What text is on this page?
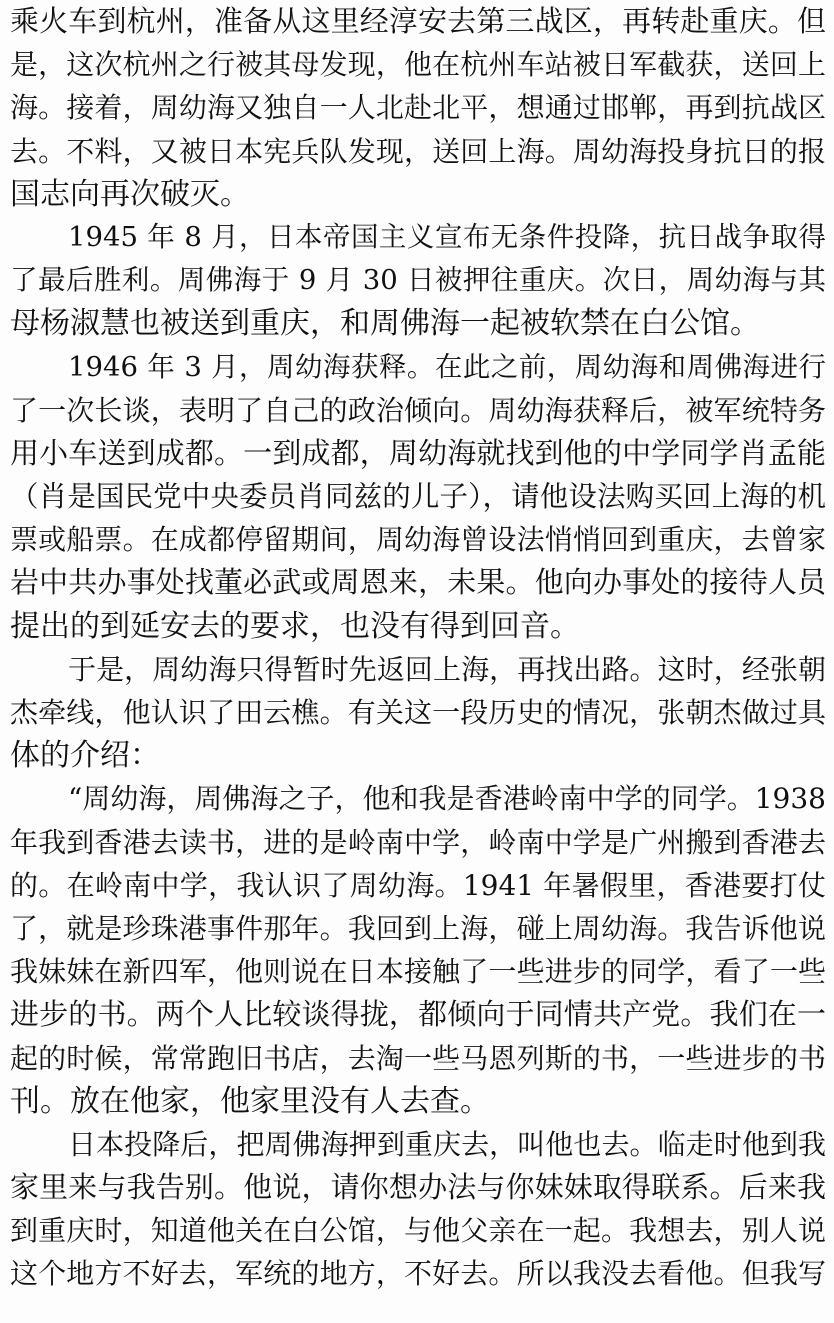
乘火车到杭州，准备从这里经淳安去第三战区，再转赴重庆。但
是，这次杭州之行被其母发现，他在杭州车站被日军截获，送回上
海。接着，周幼海又独自一人北赴北平，想通过邯郸，再到抗战区
去。不料，又被日本宪兵队发现，送回上海。周幼海投身抗日的报
国志向再次破灭。
1945 年 8 月，日本帝国主义宣布无条件投降，抗日战争取得
了最后胜利。周佛海于 9 月 30 日被押往重庆。次日，周幼海与其
母杨淑慧也被送到重庆，和周佛海一起被软禁在白公馆。
1946 年 3 月，周幼海获释。在此之前，周幼海和周佛海进行
了一次长谈，表明了自己的政治倾向。周幼海获释后，被军统特务
用小车送到成都。一到成都，周幼海就找到他的中学同学肖孟能
（肖是国民党中央委员肖同兹的儿子），请他设法购买回上海的机
票或船票。在成都停留期间，周幼海曾设法悄悄回到重庆，去曾家
岩中共办事处找董必武或周恩来，未果。他向办事处的接待人员
提出的到延安去的要求，也没有得到回音。
于是，周幼海只得暂时先返回上海，再找出路。这时，经张朝
杰牵线，他认识了田云樵。有关这一段历史的情况，张朝杰做过具
体的介绍：
“周幼海，周佛海之子，他和我是香港岭南中学的同学。1938
年我到香港去读书，进的是岭南中学，岭南中学是广州搬到香港去
的。在岭南中学，我认识了周幼海。1941 年暑假里，香港要打仗
了，就是珍珠港事件那年。我回到上海，碰上周幼海。我告诉他说
我妹妹在新四军，他则说在日本接触了一些进步的同学，看了一些
进步的书。两个人比较谈得拢，都倾向于同情共产党。我们在一
起的时候，常常跑旧书店，去淘一些马恩列斯的书，一些进步的书
刊。放在他家，他家里没有人去查。
日本投降后，把周佛海押到重庆去，叫他也去。临走时他到我
家里来与我告别。他说，请你想办法与你妹妹取得联系。后来我
到重庆时，知道他关在白公馆，与他父亲在一起。我想去，别人说
这个地方不好去，军统的地方，不好去。所以我没去看他。但我写
